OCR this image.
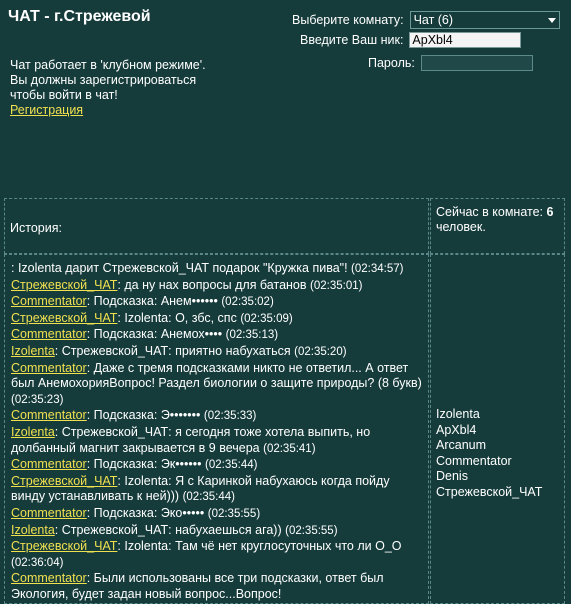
ЧАТ - г.Стрежевой
Чат работает в 'клубном режиме'.
Вы должны зарегистрироваться
чтобы войти в чат!
Регистрация
Выберите комнату: Чат (6)
Введите Ваш ник: ApXbl4
Пароль:
История:
Сейчас в комнате: 6
человек.
: Izolenta дарит Стрежевской_ЧАТ подарок "Кружка пива"! (02:34:57)
Стрежевской_ЧАТ: да ну нах вопросы для батанов (02:35:01)
Commentator: Подсказка: Анем•••••• (02:35:02)
Стрежевской_ЧАТ: Izolenta: О, збс, спс (02:35:09)
Commentator: Подсказка: Анемох•••• (02:35:13)
Izolenta: Стрежевской_ЧАТ: приятно набухаться (02:35:20)
Commentator: Даже с тремя подсказками никто не ответил... А ответ был АнемохорияВопрос! Раздел биологии о защите природы? (8 букв) (02:35:23)
Commentator: Подсказка: Э••••••• (02:35:33)
Izolenta: Стрежевской_ЧАТ: я сегодня тоже хотела выпить, но долбанный магнит закрывается в 9 вечера (02:35:41)
Commentator: Подсказка: Эк•••••• (02:35:44)
Стрежевской_ЧАТ: Izolenta: Я с Каринкой набухаюсь когда пойду винду устанавливать к ней))) (02:35:44)
Commentator: Подсказка: Эко••••• (02:35:55)
Izolenta: Стрежевской_ЧАТ: набухаешься ага)) (02:35:55)
Стрежевской_ЧАТ: Izolenta: Там чё нет круглосуточных что ли О_О (02:36:04)
Commentator: Были использованы все три подсказки, ответ был Экология, будет задан новый вопрос...Вопрос!
Izolenta
ApXbl4
Arcanum
Commentator
Denis
Стрежевской_ЧАТ
